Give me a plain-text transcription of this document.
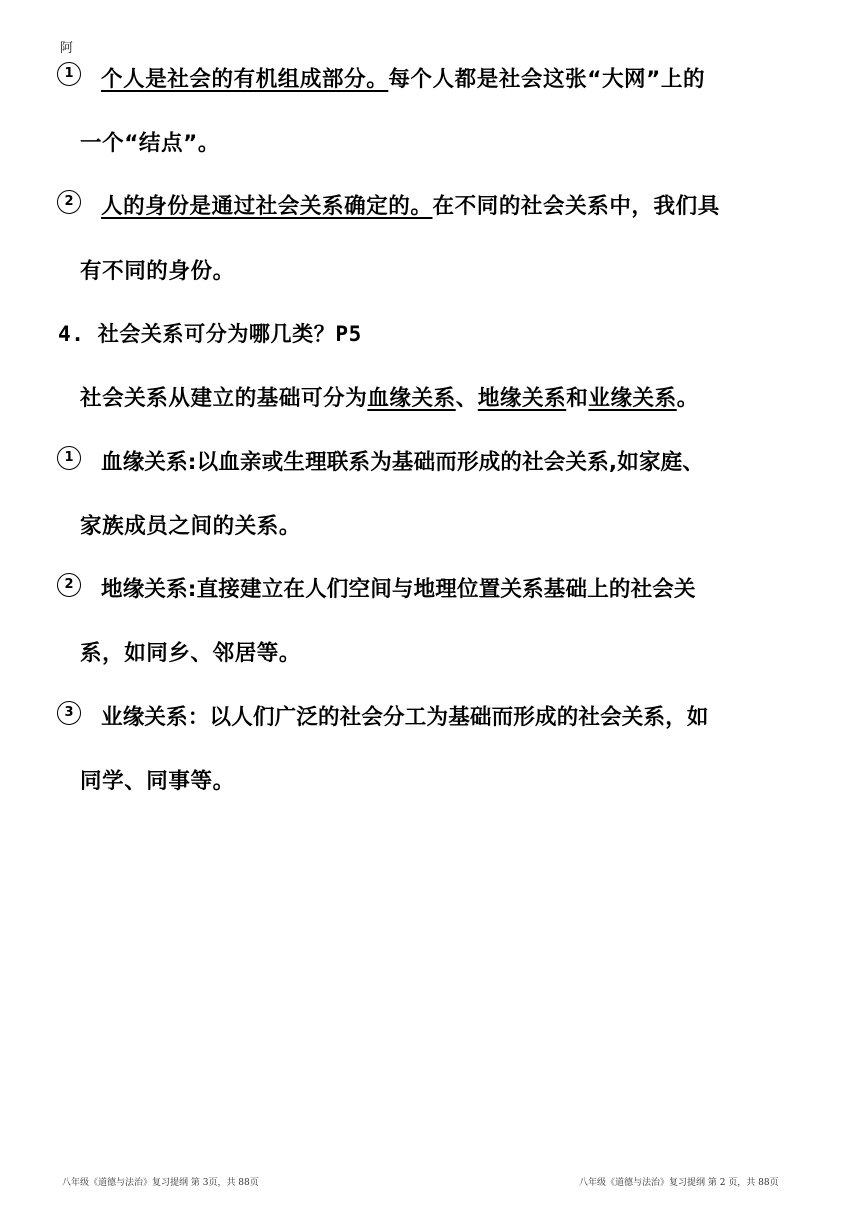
阿
1	个人是社会的有机组成部分。每个人都是社会这张“大网”上的
一个“结点”。
2	人的身份是通过社会关系确定的。在不同的社会关系中，我们具
有不同的身份。
4. 社会关系可分为哪几类？P5
社会关系从建立的基础可分为血缘关系、地缘关系和业缘关系。
1	血缘关系:以血亲或生理联系为基础而形成的社会关系,如家庭、
家族成员之间的关系。
2	地缘关系:直接建立在人们空间与地理位置关系基础上的社会关
系，如同乡、邻居等。
3	业缘关系：以人们广泛的社会分工为基础而形成的社会关系，如
同学、同事等。
八年级《道德与法治》复习提纲 第 3页，共 88页	八年级《道德与法治》复习提纲 第 2 页，共 88页
